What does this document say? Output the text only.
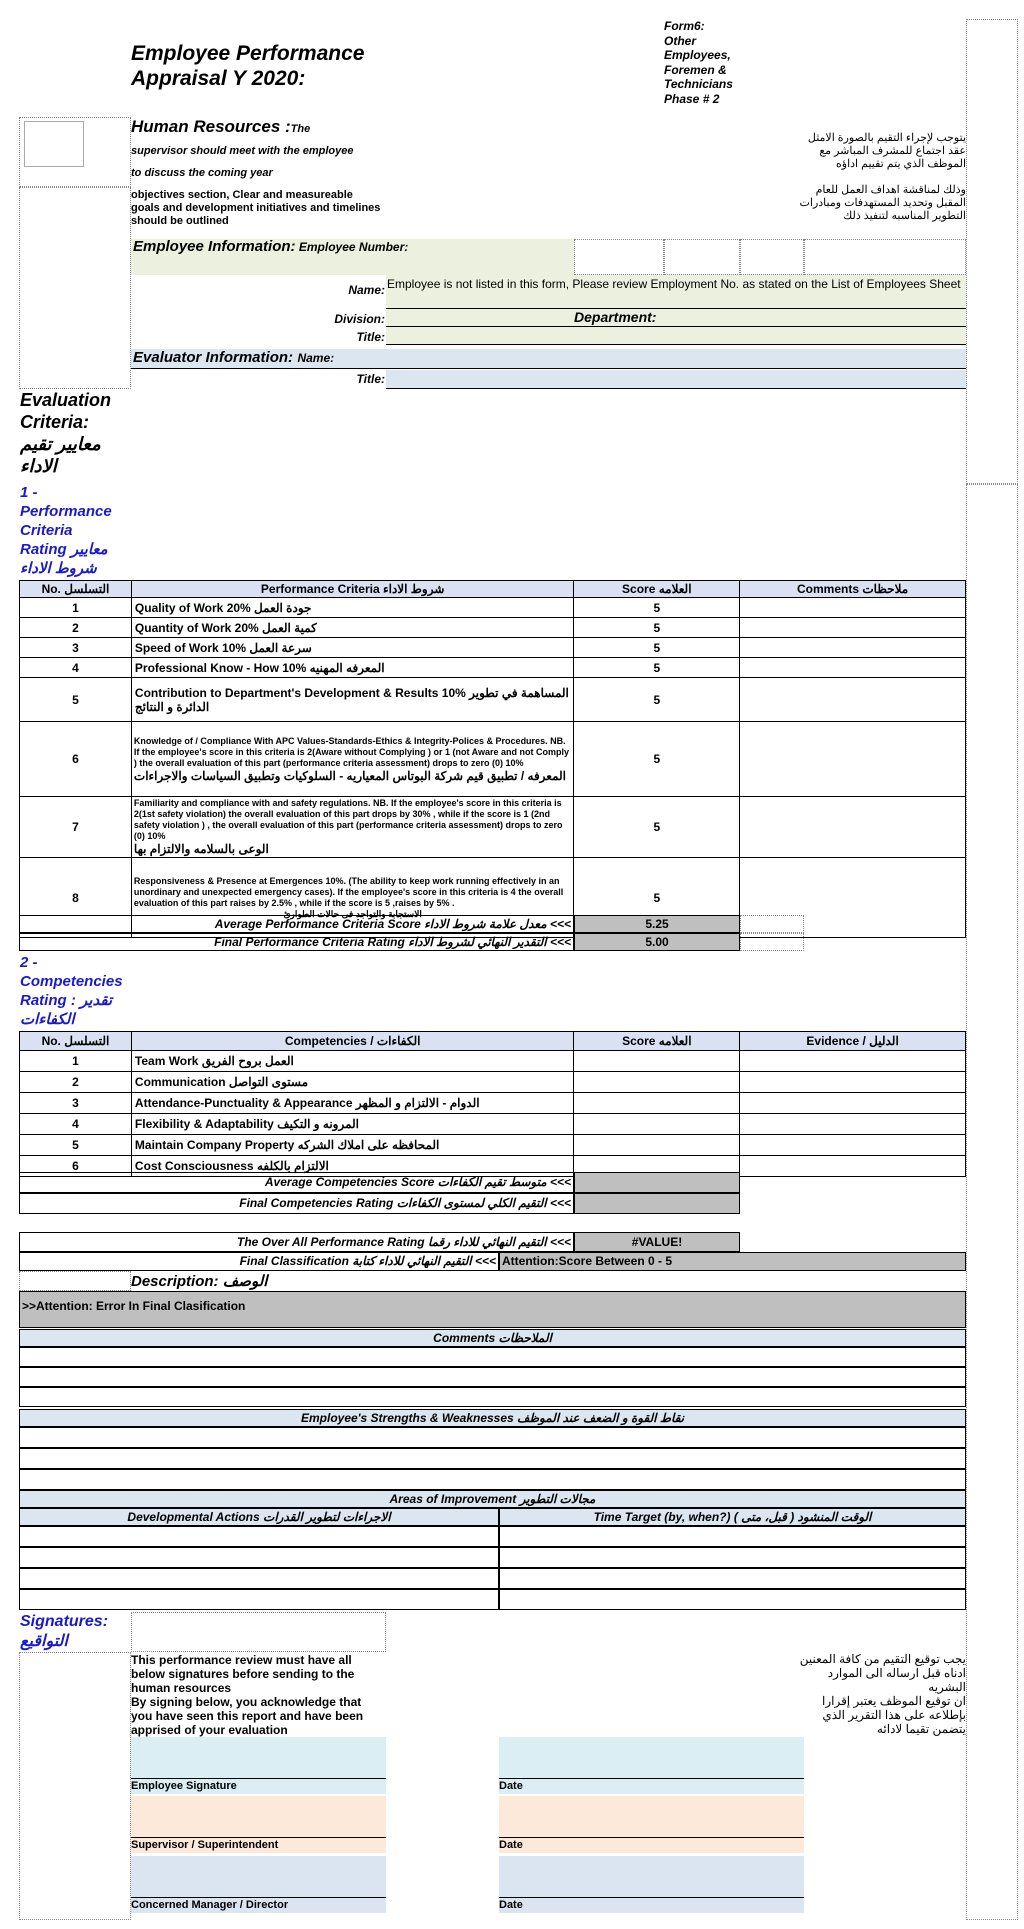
Employee Performance
Appraisal Y 2020:
Form6:
Other
Employees,
Foremen &
Technicians
Phase # 2
Human Resources :The
supervisor should meet with the employee
to discuss the coming year
objectives section, Clear and measureable goals and development initiatives and timelines should be outlined
يتوجب لإجراء التقيم بالصورة الامثل عقد اجتماع للمشرف المباشر مع الموظف الذي يتم تقييم اداؤه
وذلك لمناقشة اهداف العمل للعام المقبل وتحديد المستهدفات ومبادرات التطوير المناسبه لتنفيذ ذلك
Employee Information: Employee Number:
Name: Employee is not listed in this form, Please review Employment No. as stated on the List of Employees Sheet
Division:	Department:
Title:
Evaluator Information: Name:
Title:
Evaluation
Criteria:
معايير تقيم
الاداء
1 -
Performance
Criteria
Rating معايير
شروط الاداء
No. التسلسل	Performance Criteria شروط الاداء	Score العلامه	Comments ملاحظات
1	Quality of Work 20% جودة العمل	5	
2	Quantity of Work 20% كمية العمل	5	
3	Speed of Work 10% سرعة العمل	5	
4	Professional Know - How 10% المعرفه المهنيه	5	
5	Contribution to Department's Development & Results 10% المساهمة في تطوير الدائرة و النتائج	5	
6	Knowledge of / Compliance With APC Values-Standards-Ethics & Integrity-Polices & Procedures. NB. If the employee's score in this criteria is 2(Aware without Complying ) or 1 (not Aware and not Comply ) the overall evaluation of this part (performance criteria assessment) drops to zero (0) 10%
المعرفه / تطبيق قيم شركة البوتاس المعياريه - السلوكيات وتطبيق السياسات والاجراءات	5	
7	Familiarity and compliance with and safety regulations. NB. If the employee's score in this criteria is 2(1st safety violation) the overall evaluation of this part drops by 30% , while if the score is 1 (2nd safety violation ) , the overall evaluation of this part (performance criteria assessment) drops to zero (0) 10%
الوعى بالسلامه والالتزام بها	5	
8	Responsiveness & Presence at Emergences 10%. (The ability to keep work running effectively in an unordinary and unexpected emergency cases). If the employee's score in this criteria is 4 the overall evaluation of this part raises by 2.5% , while if the score is 5 ,raises by 5% .
الاستجابة والتواجد فى حالات الطوارئ	5	
Average Performance Criteria Score معدل علامة شروط الاداء <<<	5.25
Final Performance Criteria Rating التقدير النهائي لشروط الاداء <<<	5.00
2 -
Competencies
Rating : تقدير
الكفاءات
No. التسلسل	Competencies / الكفاءات	Score العلامه	Evidence / الدليل
1	Team Work العمل بروح الفريق		
2	Communication مستوى التواصل		
3	Attendance-Punctuality & Appearance الدوام - الالتزام و المظهر		
4	Flexibility & Adaptability المرونه و التكيف		
5	Maintain Company Property المحافظه على املاك الشركه		
6	Cost Consciousness الالتزام بالكلفه		
Average Competencies Score متوسط تقيم الكفاءات <<<
Final Competencies Rating التقيم الكلي لمستوى الكفاءات <<<
The Over All Performance Rating التقيم النهائي للاداء رقما <<<	#VALUE!
Final Classification التقيم النهائي للاداء كتابة <<< Attention:Score Between 0 - 5
Description: الوصف
>>Attention: Error In Final Clasification
Comments الملاحظات
Employee's Strengths & Weaknesses نقاط القوة و الضعف عند الموظف
Areas of Improvement مجالات التطوير
Developmental Actions الاجراءات لتطوير القدرات	Time Target (by, when?) ( الوقت المنشود ( قبل، متى
Signatures:
التواقيع
This performance review must have all below signatures before sending to the human resources
By signing below, you acknowledge that you have seen this report and have been apprised of your evaluation
يجب توقيع التقيم من كافة المعنين ادناه قبل ارساله الى الموارد البشريه
ان توقيع الموظف يعتبر إقرارا بإطلاعه على هذا التقرير الذي يتضمن تقيما لادائه
Employee Signature	Date
Supervisor / Superintendent	Date
Concerned Manager / Director	Date
